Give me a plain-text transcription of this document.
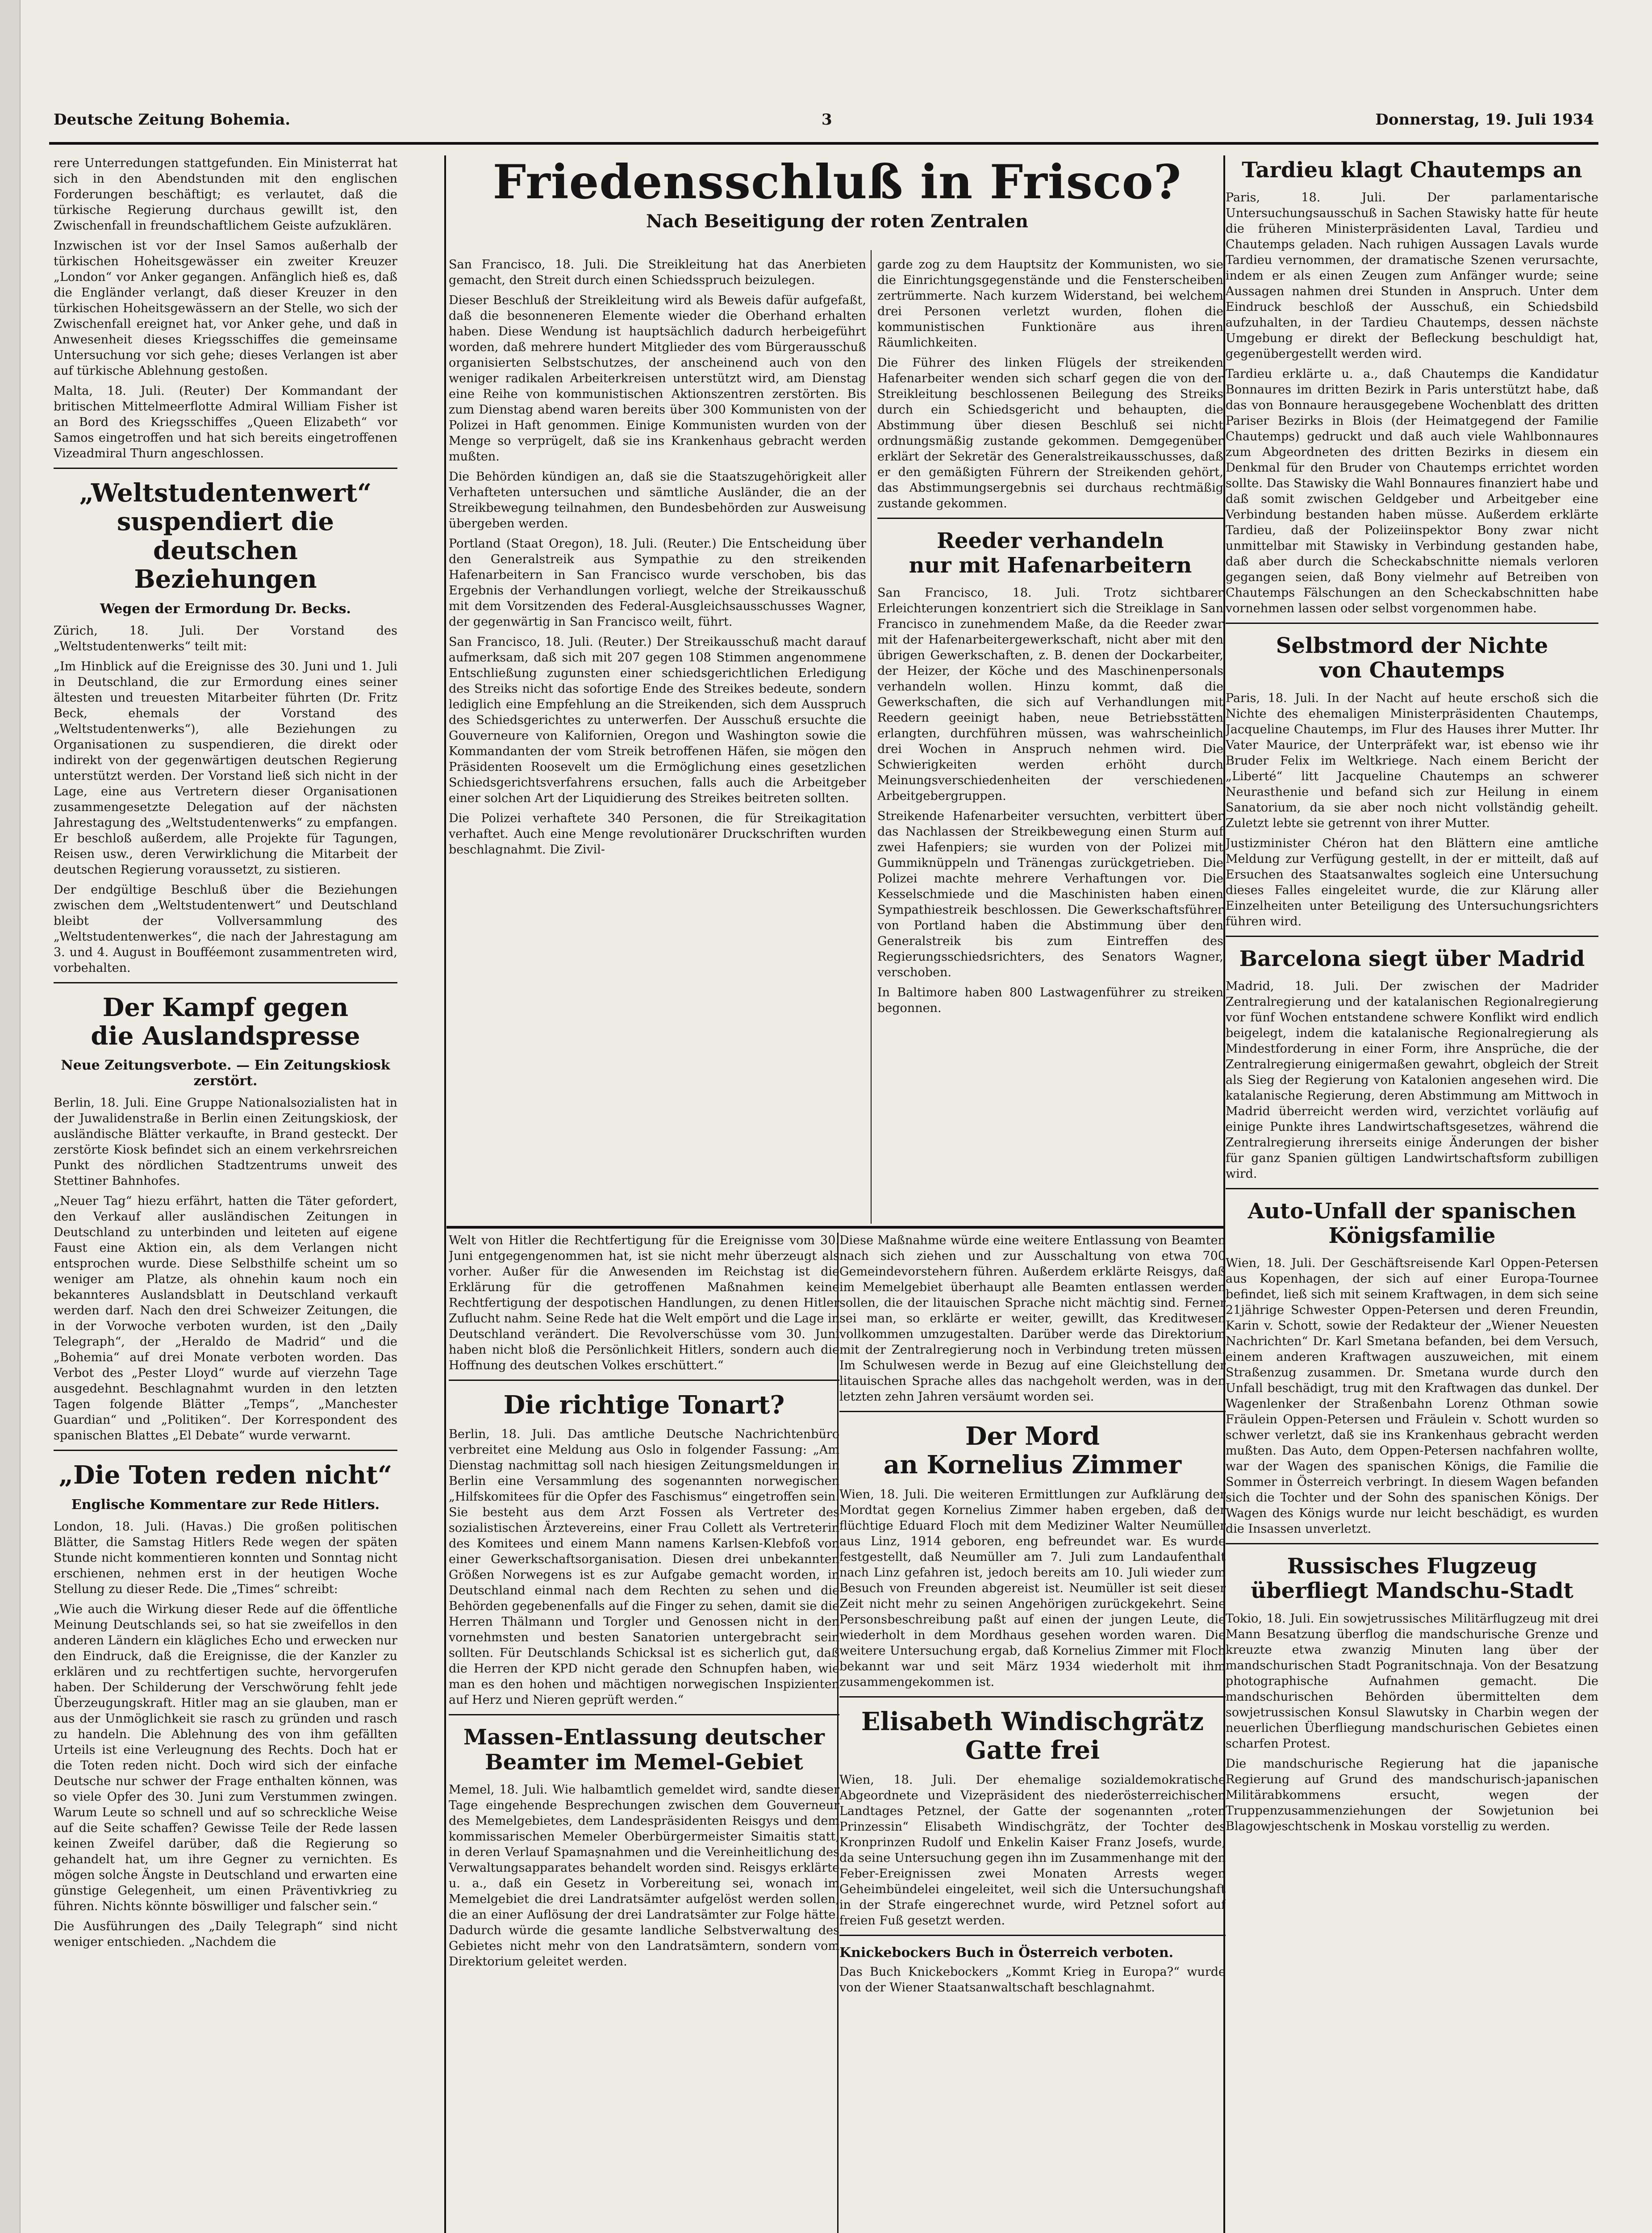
Deutsche Zeitung Bohemia.	3	Donnerstag, 19. Juli 1934

rere Unterredungen stattgefunden. Ein Ministerrat hat sich in den Abendstunden mit den englischen Forderungen beschäftigt; es verlautet, daß die türkische Regierung durchaus gewillt ist, den Zwischenfall in freundschaftlichem Geiste aufzuklären.

Inzwischen ist vor der Insel Samos außerhalb der türkischen Hoheitsgewässer ein zweiter Kreuzer „London“ vor Anker gegangen. Anfänglich hieß es, daß die Engländer verlangt, daß dieser Kreuzer in den türkischen Hoheitsgewässern an der Stelle, wo sich der Zwischenfall ereignet hat, vor Anker gehe, und daß in Anwesenheit dieses Kriegsschiffes die gemeinsame Untersuchung vor sich gehe; dieses Verlangen ist aber auf türkische Ablehnung gestoßen.

Malta, 18. Juli. (Reuter) Der Kommandant der britischen Mittelmeerflotte Admiral William Fisher ist an Bord des Kriegsschiffes „Queen Elizabeth“ vor Samos eingetroffen und hat sich bereits eingetroffenen Vizeadmiral Thurn angeschlossen.

„Weltstudentenwert“
suspendiert die deutschen
Beziehungen
Wegen der Ermordung Dr. Becks.

Zürich, 18. Juli. Der Vorstand des „Weltstudentenwerks“ teilt mit:

„Im Hinblick auf die Ereignisse des 30. Juni und 1. Juli in Deutschland, die zur Ermordung eines seiner ältesten und treuesten Mitarbeiter führten (Dr. Fritz Beck, ehemals der Vorstand des „Weltstudentenwerks“), alle Beziehungen zu Organisationen zu suspendieren, die direkt oder indirekt von der gegenwärtigen deutschen Regierung unterstützt werden. Der Vorstand ließ sich nicht in der Lage, eine aus Vertretern dieser Organisationen zusammengesetzte Delegation auf der nächsten Jahrestagung des „Weltstudentenwerks“ zu empfangen. Er beschloß außerdem, alle Projekte für Tagungen, Reisen usw., deren Verwirklichung die Mitarbeit der deutschen Regierung voraussetzt, zu sistieren.

Der endgültige Beschluß über die Beziehungen zwischen dem „Weltstudentenwert“ und Deutschland bleibt der Vollversammlung des „Weltstudentenwerkes“, die nach der Jahrestagung am 3. und 4. August in Boufféemont zusammentreten wird, vorbehalten.

Der Kampf gegen
die Auslandspresse
Neue Zeitungsverbote. — Ein Zeitungskiosk zerstört.

Berlin, 18. Juli. Eine Gruppe Nationalsozialisten hat in der Juwalidenstraße in Berlin einen Zeitungskiosk, der ausländische Blätter verkaufte, in Brand gesteckt. Der zerstörte Kiosk befindet sich an einem verkehrsreichen Punkt des nördlichen Stadtzentrums unweit des Stettiner Bahnhofes.

„Neuer Tag“ hiezu erfährt, hatten die Täter gefordert, den Verkauf aller ausländischen Zeitungen in Deutschland zu unterbinden und leiteten auf eigene Faust eine Aktion ein, als dem Verlangen nicht entsprochen wurde. Diese Selbsthilfe scheint um so weniger am Platze, als ohnehin kaum noch ein bekannteres Auslandsblatt in Deutschland verkauft werden darf. Nach den drei Schweizer Zeitungen, die in der Vorwoche verboten wurden, ist den „Daily Telegraph“, der „Heraldo de Madrid“ und die „Bohemia“ auf drei Monate verboten worden. Das Verbot des „Pester Lloyd“ wurde auf vierzehn Tage ausgedehnt. Beschlagnahmt wurden in den letzten Tagen folgende Blätter „Temps“, „Manchester Guardian“ und „Politiken“. Der Korrespondent des spanischen Blattes „El Debate“ wurde verwarnt.

„Die Toten reden nicht“
Englische Kommentare zur Rede Hitlers.

London, 18. Juli. (Havas.) Die großen politischen Blätter, die Samstag Hitlers Rede wegen der späten Stunde nicht kommentieren konnten und Sonntag nicht erschienen, nehmen erst in der heutigen Woche Stellung zu dieser Rede. Die „Times“ schreibt:

„Wie auch die Wirkung dieser Rede auf die öffentliche Meinung Deutschlands sei, so hat sie zweifellos in den anderen Ländern ein klägliches Echo und erwecken nur den Eindruck, daß die Ereignisse, die der Kanzler zu erklären und zu rechtfertigen suchte, hervorgerufen haben. Der Schilderung der Verschwörung fehlt jede Überzeugungskraft. Hitler mag an sie glauben, man er aus der Unmöglichkeit sie rasch zu gründen und rasch zu handeln. Die Ablehnung des von ihm gefällten Urteils ist eine Verleugnung des Rechts. Doch hat er die Toten reden nicht. Doch wird sich der einfache Deutsche nur schwer der Frage enthalten können, was so viele Opfer des 30. Juni zum Verstummen zwingen. Warum Leute so schnell und auf so schreckliche Weise auf die Seite schaffen? Gewisse Teile der Rede lassen keinen Zweifel darüber, daß die Regierung so gehandelt hat, um ihre Gegner zu vernichten. Es mögen solche Ängste in Deutschland und erwarten eine günstige Gelegenheit, um einen Präventivkrieg zu führen. Nichts könnte böswilliger und falscher sein.“

Die Ausführungen des „Daily Telegraph“ sind nicht weniger entschieden. „Nachdem die

Friedensschluß in Frisco?
Nach Beseitigung der roten Zentralen

San Francisco, 18. Juli. Die Streikleitung hat das Anerbieten gemacht, den Streit durch einen Schiedsspruch beizulegen.

Dieser Beschluß der Streikleitung wird als Beweis dafür aufgefaßt, daß die besonneneren Elemente wieder die Oberhand erhalten haben. Diese Wendung ist hauptsächlich dadurch herbeigeführt worden, daß mehrere hundert Mitglieder des vom Bürgerausschuß organisierten Selbstschutzes, der anscheinend auch von den weniger radikalen Arbeiterkreisen unterstützt wird, am Dienstag eine Reihe von kommunistischen Aktionszentren zerstörten. Bis zum Dienstag abend waren bereits über 300 Kommunisten von der Polizei in Haft genommen. Einige Kommunisten wurden von der Menge so verprügelt, daß sie ins Krankenhaus gebracht werden mußten.

Die Behörden kündigen an, daß sie die Staatszugehörigkeit aller Verhafteten untersuchen und sämtliche Ausländer, die an der Streikbewegung teilnahmen, den Bundesbehörden zur Ausweisung übergeben werden.

Portland (Staat Oregon), 18. Juli. (Reuter.) Die Entscheidung über den Generalstreik aus Sympathie zu den streikenden Hafenarbeitern in San Francisco wurde verschoben, bis das Ergebnis der Verhandlungen vorliegt, welche der Streikausschuß mit dem Vorsitzenden des Federal-Ausgleichsausschusses Wagner, der gegenwärtig in San Francisco weilt, führt.

San Francisco, 18. Juli. (Reuter.) Der Streikausschuß macht darauf aufmerksam, daß sich mit 207 gegen 108 Stimmen angenommene Entschließung zugunsten einer schiedsgerichtlichen Erledigung des Streiks nicht das sofortige Ende des Streikes bedeute, sondern lediglich eine Empfehlung an die Streikenden, sich dem Ausspruch des Schiedsgerichtes zu unterwerfen. Der Ausschuß ersuchte die Gouverneure von Kalifornien, Oregon und Washington sowie die Kommandanten der vom Streik betroffenen Häfen, sie mögen den Präsidenten Roosevelt um die Ermöglichung eines gesetzlichen Schiedsgerichtsverfahrens ersuchen, falls auch die Arbeitgeber einer solchen Art der Liquidierung des Streikes beitreten sollten.

Die Polizei verhaftete 340 Personen, die für Streikagitation verhaftet. Auch eine Menge revolutionärer Druckschriften wurden beschlagnahmt. Die Zivil-

garde zog zu dem Hauptsitz der Kommunisten, wo sie die Einrichtungsgegenstände und die Fensterscheiben zertrümmerte. Nach kurzem Widerstand, bei welchem drei Personen verletzt wurden, flohen die kommunistischen Funktionäre aus ihren Räumlichkeiten.

Die Führer des linken Flügels der streikenden Hafenarbeiter wenden sich scharf gegen die von der Streikleitung beschlossenen Beilegung des Streiks durch ein Schiedsgericht und behaupten, die Abstimmung über diesen Beschluß sei nicht ordnungsmäßig zustande gekommen. Demgegenüber erklärt der Sekretär des Generalstreikausschusses, daß er den gemäßigten Führern der Streikenden gehört, das Abstimmungsergebnis sei durchaus rechtmäßig zustande gekommen.

Reeder verhandeln
nur mit Hafenarbeitern

San Francisco, 18. Juli. Trotz sichtbarer Erleichterungen konzentriert sich die Streiklage in San Francisco in zunehmendem Maße, da die Reeder zwar mit der Hafenarbeitergewerkschaft, nicht aber mit den übrigen Gewerkschaften, z. B. denen der Dockarbeiter, der Heizer, der Köche und des Maschinenpersonals verhandeln wollen. Hinzu kommt, daß die Gewerkschaften, die sich auf Verhandlungen mit Reedern geeinigt haben, neue Betriebsstätten erlangten, durchführen müssen, was wahrscheinlich drei Wochen in Anspruch nehmen wird. Die Schwierigkeiten werden erhöht durch Meinungsverschiedenheiten der verschiedenen Arbeitgebergruppen.

Streikende Hafenarbeiter versuchten, verbittert über das Nachlassen der Streikbewegung einen Sturm auf zwei Hafenpiers; sie wurden von der Polizei mit Gummiknüppeln und Tränengas zurückgetrieben. Die Polizei machte mehrere Verhaftungen vor. Die Kesselschmiede und die Maschinisten haben einen Sympathiestreik beschlossen. Die Gewerkschaftsführer von Portland haben die Abstimmung über den Generalstreik bis zum Eintreffen des Regierungsschiedsrichters, des Senators Wagner, verschoben.

In Baltimore haben 800 Lastwagenführer zu streiken begonnen.

Welt von Hitler die Rechtfertigung für die Ereignisse vom 30. Juni entgegengenommen hat, ist sie nicht mehr überzeugt als vorher. Außer für die Anwesenden im Reichstag ist die Erklärung für die getroffenen Maßnahmen keine Rechtfertigung der despotischen Handlungen, zu denen Hitler Zuflucht nahm. Seine Rede hat die Welt empört und die Lage in Deutschland verändert. Die Revolverschüsse vom 30. Juni haben nicht bloß die Persönlichkeit Hitlers, sondern auch die Hoffnung des deutschen Volkes erschüttert.“

Die richtige Tonart?

Berlin, 18. Juli. Das amtliche Deutsche Nachrichtenbüro verbreitet eine Meldung aus Oslo in folgender Fassung: „Am Dienstag nachmittag soll nach hiesigen Zeitungsmeldungen in Berlin eine Versammlung des sogenannten norwegischen „Hilfskomitees für die Opfer des Faschismus“ eingetroffen sein. Sie besteht aus dem Arzt Fossen als Vertreter des sozialistischen Ärztevereins, einer Frau Collett als Vertreterin des Komitees und einem Mann namens Karlsen-Klebfoß von einer Gewerkschaftsorganisation. Diesen drei unbekannten Größen Norwegens ist es zur Aufgabe gemacht worden, in Deutschland einmal nach dem Rechten zu sehen und die Behörden gegebenenfalls auf die Finger zu sehen, damit sie die Herren Thälmann und Torgler und Genossen nicht in den vornehmsten und besten Sanatorien untergebracht sein sollten. Für Deutschlands Schicksal ist es sicherlich gut, daß die Herren der KPD nicht gerade den Schnupfen haben, wie man es den hohen und mächtigen norwegischen Inspizienten auf Herz und Nieren geprüft werden.“

Massen-Entlassung deutscher
Beamter im Memel-Gebiet

Memel, 18. Juli. Wie halbamtlich gemeldet wird, sandte dieser Tage eingehende Besprechungen zwischen dem Gouverneur des Memelgebietes, dem Landespräsidenten Reisgys und dem kommissarischen Memeler Oberbürgermeister Simaitis statt, in deren Verlauf Spamaşnahmen und die Vereinheitlichung des Verwaltungsapparates behandelt worden sind. Reisgys erklärte u. a., daß ein Gesetz in Vorbereitung sei, wonach im Memelgebiet die drei Landratsämter aufgelöst werden sollen, die an einer Auflösung der drei Landratsämter zur Folge hätte. Dadurch würde die gesamte landliche Selbstverwaltung des Gebietes nicht mehr von den Landratsämtern, sondern vom Direktorium geleitet werden.

Diese Maßnahme würde eine weitere Entlassung von Beamten nach sich ziehen und zur Ausschaltung von etwa 700 Gemeindevorstehern führen. Außerdem erklärte Reisgys, daß im Memelgebiet überhaupt alle Beamten entlassen werden sollen, die der litauischen Sprache nicht mächtig sind. Ferner sei man, so erklärte er weiter, gewillt, das Kreditwesen vollkommen umzugestalten. Darüber werde das Direktorium mit der Zentralregierung noch in Verbindung treten müssen. Im Schulwesen werde in Bezug auf eine Gleichstellung der litauischen Sprache alles das nachgeholt werden, was in den letzten zehn Jahren versäumt worden sei.

Der Mord
an Kornelius Zimmer

Wien, 18. Juli. Die weiteren Ermittlungen zur Aufklärung der Mordtat gegen Kornelius Zimmer haben ergeben, daß der flüchtige Eduard Floch mit dem Mediziner Walter Neumüller aus Linz, 1914 geboren, eng befreundet war. Es wurde festgestellt, daß Neumüller am 7. Juli zum Landaufenthalt nach Linz gefahren ist, jedoch bereits am 10. Juli wieder zum Besuch von Freunden abgereist ist. Neumüller ist seit dieser Zeit nicht mehr zu seinen Angehörigen zurückgekehrt. Seine Personsbeschreibung paßt auf einen der jungen Leute, die wiederholt in dem Mordhaus gesehen worden waren. Die weitere Untersuchung ergab, daß Kornelius Zimmer mit Floch bekannt war und seit März 1934 wiederholt mit ihm zusammengekommen ist.

Elisabeth Windischgrätz
Gatte frei

Wien, 18. Juli. Der ehemalige sozialdemokratische Abgeordnete und Vizepräsident des niederösterreichischen Landtages Petznel, der Gatte der sogenannten „roten Prinzessin“ Elisabeth Windischgrätz, der Tochter des Kronprinzen Rudolf und Enkelin Kaiser Franz Josefs, wurde, da seine Untersuchung gegen ihn im Zusammenhange mit den Feber-Ereignissen zwei Monaten Arrests wegen Geheimbündelei eingeleitet, weil sich die Untersuchungshaft in der Strafe eingerechnet wurde, wird Petznel sofort auf freien Fuß gesetzt werden.

Knickebockers Buch in Österreich verboten.

Das Buch Knickebockers „Kommt Krieg in Europa?“ wurde von der Wiener Staatsanwaltschaft beschlagnahmt.

Tardieu klagt Chautemps an

Paris, 18. Juli. Der parlamentarische Untersuchungsausschuß in Sachen Stawisky hatte für heute die früheren Ministerpräsidenten Laval, Tardieu und Chautemps geladen. Nach ruhigen Aussagen Lavals wurde Tardieu vernommen, der dramatische Szenen verursachte, indem er als einen Zeugen zum Anfänger wurde; seine Aussagen nahmen drei Stunden in Anspruch. Unter dem Eindruck beschloß der Ausschuß, ein Schiedsbild aufzuhalten, in der Tardieu Chautemps, dessen nächste Umgebung er direkt der Befleckung beschuldigt hat, gegenübergestellt werden wird.

Tardieu erklärte u. a., daß Chautemps die Kandidatur Bonnaures im dritten Bezirk in Paris unterstützt habe, daß das von Bonnaure herausgegebene Wochenblatt des dritten Pariser Bezirks in Blois (der Heimatgegend der Familie Chautemps) gedruckt und daß auch viele Wahlbonnaures zum Abgeordneten des dritten Bezirks in diesem ein Denkmal für den Bruder von Chautemps errichtet worden sollte. Das Stawisky die Wahl Bonnaures finanziert habe und daß somit zwischen Geldgeber und Arbeitgeber eine Verbindung bestanden haben müsse. Außerdem erklärte Tardieu, daß der Polizeiinspektor Bony zwar nicht unmittelbar mit Stawisky in Verbindung gestanden habe, daß aber durch die Scheckabschnitte niemals verloren gegangen seien, daß Bony vielmehr auf Betreiben von Chautemps Fälschungen an den Scheckabschnitten habe vornehmen lassen oder selbst vorgenommen habe.

Selbstmord der Nichte
von Chautemps

Paris, 18. Juli. In der Nacht auf heute erschoß sich die Nichte des ehemaligen Ministerpräsidenten Chautemps, Jacqueline Chautemps, im Flur des Hauses ihrer Mutter. Ihr Vater Maurice, der Unterpräfekt war, ist ebenso wie ihr Bruder Felix im Weltkriege. Nach einem Bericht der „Liberté“ litt Jacqueline Chautemps an schwerer Neurasthenie und befand sich zur Heilung in einem Sanatorium, da sie aber noch nicht vollständig geheilt. Zuletzt lebte sie getrennt von ihrer Mutter.

Justizminister Chéron hat den Blättern eine amtliche Meldung zur Verfügung gestellt, in der er mitteilt, daß auf Ersuchen des Staatsanwaltes sogleich eine Untersuchung dieses Falles eingeleitet wurde, die zur Klärung aller Einzelheiten unter Beteiligung des Untersuchungsrichters führen wird.

Barcelona siegt über Madrid

Madrid, 18. Juli. Der zwischen der Madrider Zentralregierung und der katalanischen Regionalregierung vor fünf Wochen entstandene schwere Konflikt wird endlich beigelegt, indem die katalanische Regionalregierung als Mindestforderung in einer Form, ihre Ansprüche, die der Zentralregierung einigermaßen gewahrt, obgleich der Streit als Sieg der Regierung von Katalonien angesehen wird. Die katalanische Regierung, deren Abstimmung am Mittwoch in Madrid überreicht werden wird, verzichtet vorläufig auf einige Punkte ihres Landwirtschaftsgesetzes, während die Zentralregierung ihrerseits einige Änderungen der bisher für ganz Spanien gültigen Landwirtschaftsform zubilligen wird.

Auto-Unfall der spanischen
Königsfamilie

Wien, 18. Juli. Der Geschäftsreisende Karl Oppen-Petersen aus Kopenhagen, der sich auf einer Europa-Tournee befindet, ließ sich mit seinem Kraftwagen, in dem sich seine 21jährige Schwester Oppen-Petersen und deren Freundin, Karin v. Schott, sowie der Redakteur der „Wiener Neuesten Nachrichten“ Dr. Karl Smetana befanden, bei dem Versuch, einem anderen Kraftwagen auszuweichen, mit einem Straßenzug zusammen. Dr. Smetana wurde durch den Unfall beschädigt, trug mit den Kraftwagen das dunkel. Der Wagenlenker der Straßenbahn Lorenz Othman sowie Fräulein Oppen-Petersen und Fräulein v. Schott wurden so schwer verletzt, daß sie ins Krankenhaus gebracht werden mußten. Das Auto, dem Oppen-Petersen nachfahren wollte, war der Wagen des spanischen Königs, die Familie die Sommer in Österreich verbringt. In diesem Wagen befanden sich die Tochter und der Sohn des spanischen Königs. Der Wagen des Königs wurde nur leicht beschädigt, es wurden die Insassen unverletzt.

Russisches Flugzeug
überfliegt Mandschu-Stadt

Tokio, 18. Juli. Ein sowjetrussisches Militärflugzeug mit drei Mann Besatzung überflog die mandschurische Grenze und kreuzte etwa zwanzig Minuten lang über der mandschurischen Stadt Pogranitschnaja. Von der Besatzung photographische Aufnahmen gemacht. Die mandschurischen Behörden übermittelten dem sowjetrussischen Konsul Slawutsky in Charbin wegen der neuerlichen Überfliegung mandschurischen Gebietes einen scharfen Protest.

Die mandschurische Regierung hat die japanische Regierung auf Grund des mandschurisch-japanischen Militärabkommens ersucht, wegen der Truppenzusammenziehungen der Sowjetunion bei Blagowjeschtschenk in Moskau vorstellig zu werden.
